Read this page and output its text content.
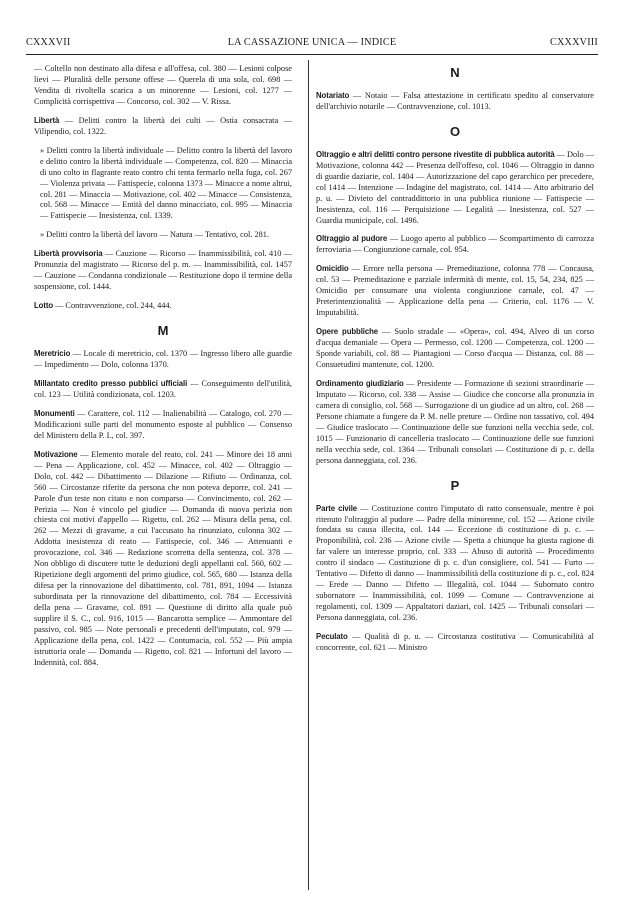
CXXXVII	LA CASSAZIONE UNICA — INDICE	CXXXVIII
— Coltello non destinato alla difesa e all'offesa, col. 380 — Lesioni colpose lievi — Pluralità delle persone offese — Querela di una sola, col. 698 — Vendita di rivoltella scarica a un minorenne — Lesioni, col. 1277 — Complicità corrispettiva — Concorso, col. 302 — V. Rissa.
Libertà — Delitti contro la libertà dei culti — Ostia consacrata — Vilipendio, col. 1322.
» Delitti contro la libertà individuale — Delitto contro la libertà del lavoro e delitto contro la libertà individuale — Competenza, col. 820 — Minaccia di uno colto in flagrante reato contro chi tenta fermarlo nella fuga, col. 267 — Violenza privata — Fattispecie, colonna 1373 — Minacce a nome altrui, col. 281 — Minaccia — Motivazione, col. 402 — Minacce — Consistenza, col. 568 — Minacce — Entità del danno minacciato, col. 995 — Minaccia — Fattispecie — Inesistenza, col. 1339.
» Delitti contro la libertà del lavoro — Natura — Tentativo, col. 281.
Libertà provvisoria — Cauzione — Ricorso — Inammissibilità, col. 410 — Pronunzia del magistrato — Ricorso del p. m. — Inammissibilità, col. 1457 — Cauzione — Condanna condizionale — Restituzione dopo il termine della sospensione, col. 1444.
Lotto — Contravvenzione, col. 244, 444.
M
Meretricio — Locale di meretricio, col. 1370 — Ingresso libero alle guardie — Impedimento — Dolo, colonna 1370.
Millantato credito presso pubblici ufficiali — Conseguimento dell'utilità, col. 123 — Utilità condizionata, col. 1203.
Monumenti — Carattere, col. 112 — Inalienabilità — Catalogo, col. 270 — Modificazioni sulle parti del monumento esposte al pubblico — Consenso del Ministero della P. I., col. 397.
Motivazione — Elemento morale del reato, col. 241 — Minore dei 18 anni — Pena — Applicazione, col. 452 — Minacce, col. 402 — Oltraggio — Dolo, col. 442 — Dibattimento — Dilazione — Rifiuto — Ordinanza, col. 560 — Circostanze riferite da persona che non poteva deporre, col. 241 — Parole d'un teste non citato e non comparso — Convincimento, col. 262 — Perizia — Non è vincolo pel giudice — Domanda di nuova perizia non chiesta coi motivi d'appello — Rigetto, col. 262 — Misura della pena, col. 262 — Mezzi di gravame, a cui l'accusato ha rinunziato, colonna 302 — Addotta inesistenza di reato — Fattispecie, col. 346 — Attenuanti e provocazione, col. 346 — Redazione scorretta della sentenza, col. 378 — Non obbligo di discutere tutte le deduzioni degli appellanti col. 560, 602 — Ripetizione degli argomenti del primo giudice, col. 565, 680 — Istanza della difesa per la rinnovazione del dibattimento, col. 781, 891, 1094 — Istanza subordinata per la rinnovazione del dibattimento, col. 784 — Eccessività della pena — Gravame, col. 891 — Questione di diritto alla quale può supplire il S. C., col. 916, 1015 — Bancarotta semplice — Ammontare del passivo, col. 985 — Note personali e precedenti dell'imputato, col. 979 — Applicazione della pena, col. 1422 — Contumacia, col. 552 — Più ampia istruttoria orale — Domanda — Rigetto, col. 821 — Infortuni del lavoro — Indennità, col. 884.
N
Notariato — Notaio — Falsa attestazione in certificato spedito al conservatore dell'archivio notarile — Contravvenzione, col. 1013.
O
Oltraggio e altri delitti contro persone rivestite di pubblica autorità — Dolo — Motivazione, colonna 442 — Presenza dell'offeso, col. 1046 — Oltraggio in danno di guardie daziarie, col. 1404 — Autorizzazione del capo gerarchico per precedere, col 1414 — Intenzione — Indagine del magistrato, col. 1414 — Atto arbitrario del p. u. — Divieto del contraddittorio in una pubblica riunione — Fattispecie — Inesistenza, col. 116 — Perquisizione — Legalità — Inesistenza, col. 527 — Guardia municipale, col. 1496.
Oltraggio al pudore — Luogo aperto al pubblico — Scompartimento di carrozza ferroviaria — Congiunzione carnale, col. 954.
Omicidio — Errore nella persona — Premeditazione, colonna 778 — Concausa, col. 53 — Premeditazione e parziale infermità di mente, col. 15, 54, 234, 825 — Omicidio per consumare una violenta congiunzione carnale, col. 47 — Preterintenzionalità — Applicazione della pena — Criterio, col. 1176 — V. Imputabilità.
Opere pubbliche — Suolo stradale — «Opera», col. 494, Alveo di un corso d'acqua demaniale — Opera — Permesso, col. 1200 — Competenza, col. 1200 — Sponde variabili, col. 88 — Piantagioni — Corso d'acqua — Distanza, col. 88 — Consuetudini mantenute, col. 1200.
Ordinamento giudiziario — Presidente — Formazione di sezioni straordinarie — Imputato — Ricorso, col. 338 — Assise — Giudice che concorse alla pronunzia in camera di consiglio, col. 568 — Surrogazione di un giudice ad un altro, col. 268 — Persone chiamate a fungere da P. M. nelle preture — Ordine non tassativo, col. 494 — Giudice traslocato — Continuazione delle sue funzioni nella vecchia sede, col. 1015 — Funzionario di cancelleria traslocato — Continuazione delle sue funzioni nella vecchia sede, col. 1364 — Tribunali consolari — Costituzione di p. c. della persona danneggiata, col. 236.
P
Parte civile — Costituzione contro l'imputato di ratto consensuale, mentre è poi ritenuto l'oltraggio al pudore — Padre della minorenne, col. 152 — Azione civile fondata su causa illecita, col. 144 — Eccezione di costituzione di p. c. — Proponibilità, col. 236 — Azione civile — Spetta a chiunque ha giusta ragione di far valere un interesse proprio, col. 333 — Abuso di autorità — Procedimento contro il sindaco — Costituzione di p. c. d'un consigliere, col. 541 — Furto — Tentativo — Difetto di danno — Inammissibilità della costituzione di p. c., col. 824 — Erede — Danno — Difetto — Illegalità, col. 1044 — Subornato contro subornatore — Inammissibilità, col. 1099 — Comune — Contravvenzione ai regolamenti, col. 1309 — Appaltatori daziari, col. 1425 — Tribunali consolari — Persona danneggiata, col. 236.
Peculato — Qualità di p. u. — Circostanza costitutiva — Comunicabilità al concorrente, col. 621 — Ministro
